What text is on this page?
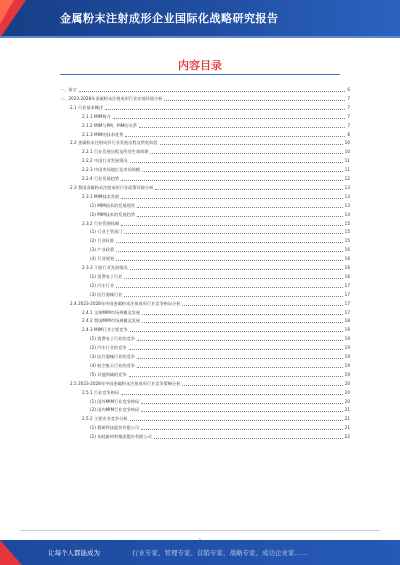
金属粉末注射成形企业国际化战略研究报告
内容目录
一、前言	6
二、2023-2028年金属粉末注射成形行业宏观环境分析	7
2.1 行业基本概述	7
2.1.1 MIM简介	7
2.1.2 MIM与PM、PIM的关系	7
2.1.3 MIM的技术优势	8
2.2 金属粉末注射成形行业发展历程及所处阶段	10
2.2.1 行业发展历程及所处生命周期	10
2.2.2 中国行业发展情况	11
2.2.3 中国市场地位及市场规模	11
2.2.4 行业发展趋势	12
2.3 我国金属粉末注射成形行业政策环境分析	13
2.3.1 MIM技术发展	13
(1) MIM技术的发展现状	13
(2) MIM技术的发展趋势	14
2.3.2 行业管理体制	15
(1) 行业主管部门	15
(2) 行业标准	15
(3) 产业政策	16
(4) 行业规划	16
2.3.3 下游行业发展情况	16
(1) 消费电子行业	16
(2) 汽车行业	17
(3) 医疗器械行业	17
2.4 2023-2028年中国金属粉末注射成形行业竞争格局分析	17
2.4.1 全球MIM市场规模及发展	17
2.4.2 我国MIM市场规模及发展	18
2.4.3 MIM行业主要竞争	19
(1) 消费电子行业的竞争	19
(2) 汽车行业的竞争	19
(3) 医疗器械行业的竞争	19
(4) 航空航天行业的竞争	19
(5) 其他领域的竞争	19
2.5 2023-2028年中国金属粉末注射成形行业竞争策略分析	20
2.5.1 行业竞争格局	20
(1) 国外MIM行业竞争格局	20
(2) 国内MIM行业竞争格局	21
2.5.2 主要企业竞争分析	21
(1) 精研科技股份有限公司	21
(2) 东睦新材料集团股份有限公司	22
让每个人都能成为	行业专家、管理专家、营销专家、战略专家、成功企业家……
